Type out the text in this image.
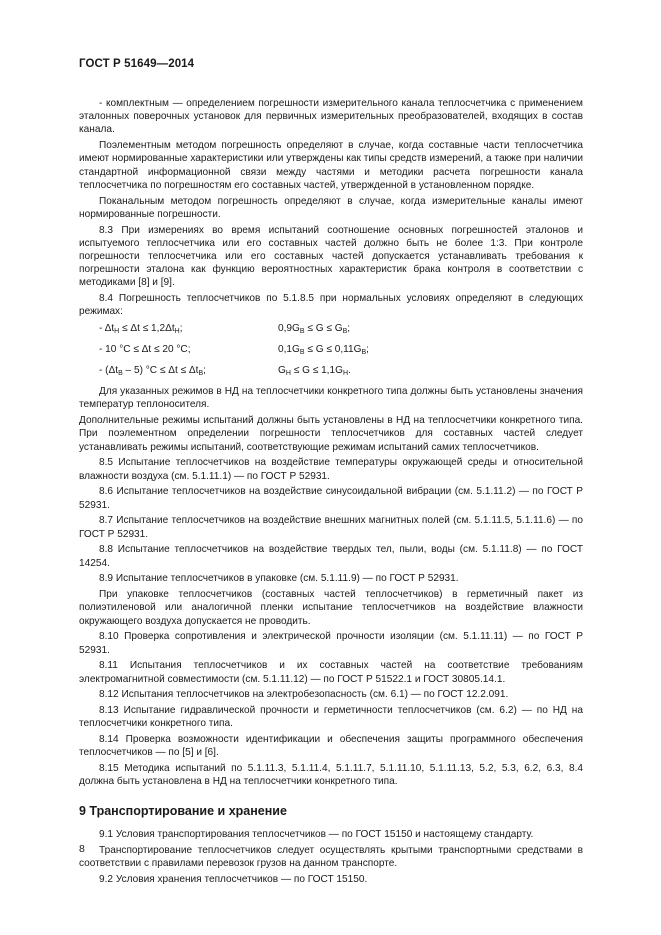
ГОСТ Р 51649—2014

- комплектным — определением погрешности измерительного канала теплосчетчика с применением эталонных поверочных установок для первичных измерительных преобразователей, входящих в состав канала.

Поэлементным методом погрешность определяют в случае, когда составные части теплосчетчика имеют нормированные характеристики или утверждены как типы средств измерений, а также при наличии стандартной информационной связи между частями и методики расчета погрешности канала теплосчетчика по погрешностям его составных частей, утвержденной в установленном порядке.

Поканальным методом погрешность определяют в случае, когда измерительные каналы имеют нормированные погрешности.

8.3 При измерениях во время испытаний соотношение основных погрешностей эталонов и испытуемого теплосчетчика или его составных частей должно быть не более 1:3. При контроле погрешности теплосчетчика или его составных частей допускается устанавливать требования к погрешности эталона как функцию вероятностных характеристик брака контроля в соответствии с методиками [8] и [9].

8.4 Погрешность теплосчетчиков по 5.1.8.5 при нормальных условиях определяют в следующих режимах:

- $\Delta t_Н \le \Delta t \le 1,2\Delta t_Н$;	$0,9G_В \le G \le G_В$;
- 10 °C ≤ Δt ≤ 20 °C;	$0,1G_В \le G \le 0,11G_В$;
- $(\Delta t_В - 5) ^\circ C \le \Delta t \le \Delta t_В$;	$G_Н \le G \le 1,1G_Н$.

Для указанных режимов в НД на теплосчетчики конкретного типа должны быть установлены значения температур теплоносителя.

Дополнительные режимы испытаний должны быть установлены в НД на теплосчетчики конкретного типа. При поэлементном определении погрешности теплосчетчиков для составных частей следует устанавливать режимы испытаний, соответствующие режимам испытаний самих теплосчетчиков.

8.5 Испытание теплосчетчиков на воздействие температуры окружающей среды и относительной влажности воздуха (см. 5.1.11.1) — по ГОСТ Р 52931.

8.6 Испытание теплосчетчиков на воздействие синусоидальной вибрации (см. 5.1.11.2) — по ГОСТ Р 52931.

8.7 Испытание теплосчетчиков на воздействие внешних магнитных полей (см. 5.1.11.5, 5.1.11.6) — по ГОСТ Р 52931.

8.8 Испытание теплосчетчиков на воздействие твердых тел, пыли, воды (см. 5.1.11.8) — по ГОСТ 14254.

8.9 Испытание теплосчетчиков в упаковке (см. 5.1.11.9) — по ГОСТ Р 52931.

При упаковке теплосчетчиков (составных частей теплосчетчиков) в герметичный пакет из полиэтиленовой или аналогичной пленки испытание теплосчетчиков на воздействие влажности окружающего воздуха допускается не проводить.

8.10 Проверка сопротивления и электрической прочности изоляции (см. 5.1.11.11) — по ГОСТ Р 52931.

8.11 Испытания теплосчетчиков и их составных частей на соответствие требованиям электромагнитной совместимости (см. 5.1.11.12) — по ГОСТ Р 51522.1 и ГОСТ 30805.14.1.

8.12 Испытания теплосчетчиков на электробезопасность (см. 6.1) — по ГОСТ 12.2.091.

8.13 Испытание гидравлической прочности и герметичности теплосчетчиков (см. 6.2) — по НД на теплосчетчики конкретного типа.

8.14 Проверка возможности идентификации и обеспечения защиты программного обеспечения теплосчетчиков — по [5] и [6].

8.15 Методика испытаний по 5.1.11.3, 5.1.11.4, 5.1.11.7, 5.1.11.10, 5.1.11.13, 5.2, 5.3, 6.2, 6.3, 8.4 должна быть установлена в НД на теплосчетчики конкретного типа.

9 Транспортирование и хранение

9.1 Условия транспортирования теплосчетчиков — по ГОСТ 15150 и настоящему стандарту.

Транспортирование теплосчетчиков следует осуществлять крытыми транспортными средствами в соответствии с правилами перевозок грузов на данном транспорте.

9.2 Условия хранения теплосчетчиков — по ГОСТ 15150.

8
